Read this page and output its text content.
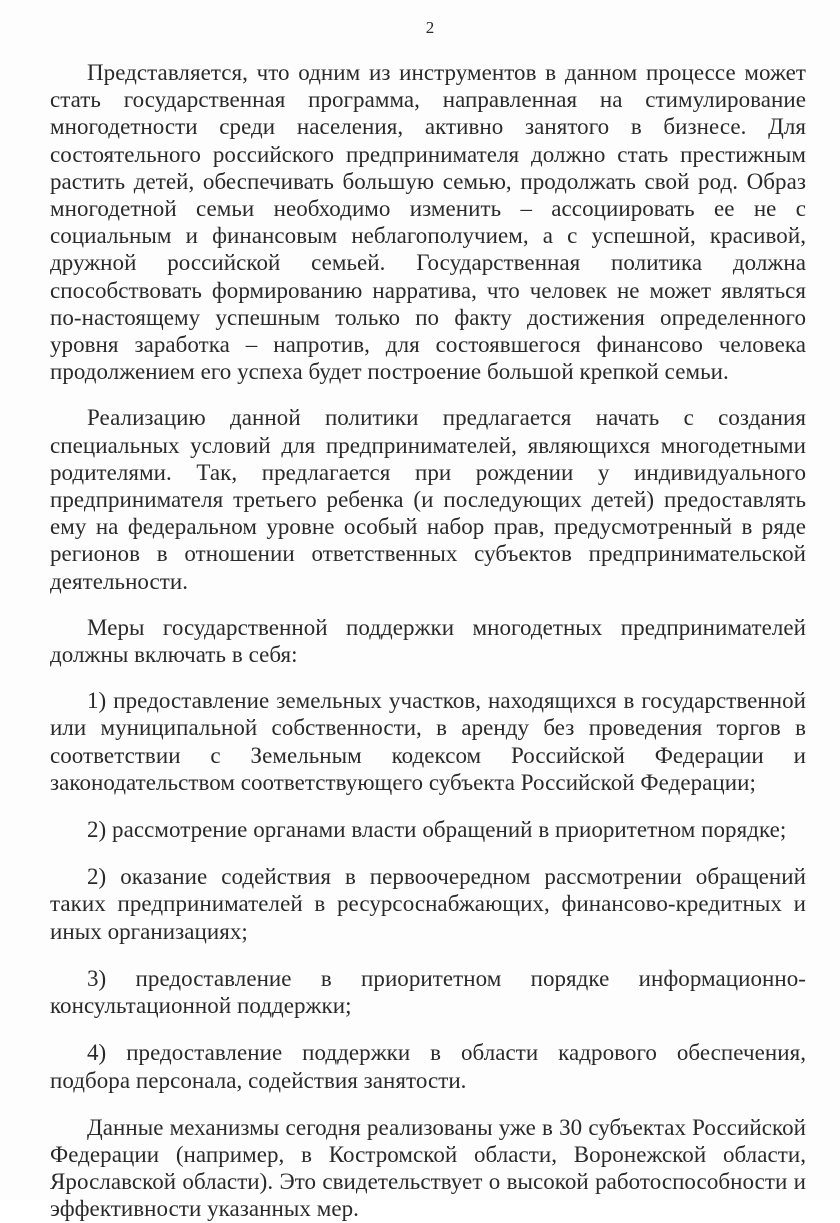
2

Представляется, что одним из инструментов в данном процессе может стать государственная программа, направленная на стимулирование многодетности среди населения, активно занятого в бизнесе. Для состоятельного российского предпринимателя должно стать престижным растить детей, обеспечивать большую семью, продолжать свой род. Образ многодетной семьи необходимо изменить – ассоциировать ее не с социальным и финансовым неблагополучием, а с успешной, красивой, дружной российской семьей. Государственная политика должна способствовать формированию нарратива, что человек не может являться по-настоящему успешным только по факту достижения определенного уровня заработка – напротив, для состоявшегося финансово человека продолжением его успеха будет построение большой крепкой семьи.

Реализацию данной политики предлагается начать с создания специальных условий для предпринимателей, являющихся многодетными родителями. Так, предлагается при рождении у индивидуального предпринимателя третьего ребенка (и последующих детей) предоставлять ему на федеральном уровне особый набор прав, предусмотренный в ряде регионов в отношении ответственных субъектов предпринимательской деятельности.

Меры государственной поддержки многодетных предпринимателей должны включать в себя:

1) предоставление земельных участков, находящихся в государственной или муниципальной собственности, в аренду без проведения торгов в соответствии с Земельным кодексом Российской Федерации и законодательством соответствующего субъекта Российской Федерации;

2) рассмотрение органами власти обращений в приоритетном порядке;

2) оказание содействия в первоочередном рассмотрении обращений таких предпринимателей в ресурсоснабжающих, финансово-кредитных и иных организациях;

3) предоставление в приоритетном порядке информационно-консультационной поддержки;

4) предоставление поддержки в области кадрового обеспечения, подбора персонала, содействия занятости.

Данные механизмы сегодня реализованы уже в 30 субъектах Российской Федерации (например, в Костромской области, Воронежской области, Ярославской области). Это свидетельствует о высокой работоспособности и эффективности указанных мер.
